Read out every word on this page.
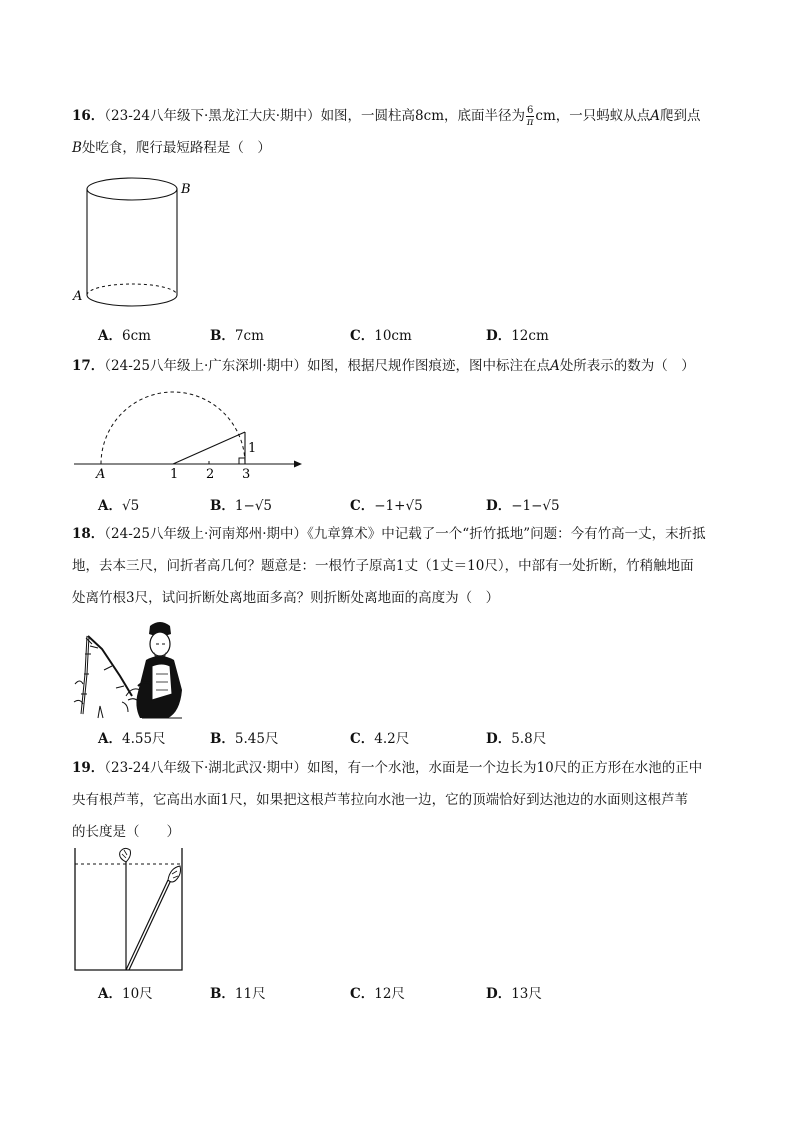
16．（23-24八年级下·黑龙江大庆·期中）如图，一圆柱高8cm，底面半径为 $\frac{6}{\pi}$ cm，一只蚂蚁从点A爬到点
B处吃食，爬行最短路程是（　）
B
A
A．6cm	B．7cm	C．10cm	D．12cm
17．（24-25八年级上·广东深圳·期中）如图，根据尺规作图痕迹，图中标注在点A处所表示的数为（　）
A	1 2 3
1
A．√5	B．1−√5	C．−1+√5	D．−1−√5
18．（24-25八年级上·河南郑州·期中）《九章算术》中记载了一个“折竹抵地”问题：今有竹高一丈，末折抵
地，去本三尺，问折者高几何？题意是：一根竹子原高1丈（1丈＝10尺），中部有一处折断，竹稍触地面
处离竹根3尺，试问折断处离地面多高？则折断处离地面的高度为（　）
A．4.55尺	B．5.45尺	C．4.2尺	D．5.8尺
19．（23-24八年级下·湖北武汉·期中）如图，有一个水池，水面是一个边长为10尺的正方形在水池的正中
央有根芦苇，它高出水面1尺，如果把这根芦苇拉向水池一边，它的顶端恰好到达池边的水面则这根芦苇
的长度是（　　）
A．10尺	B．11尺	C．12尺	D．13尺
